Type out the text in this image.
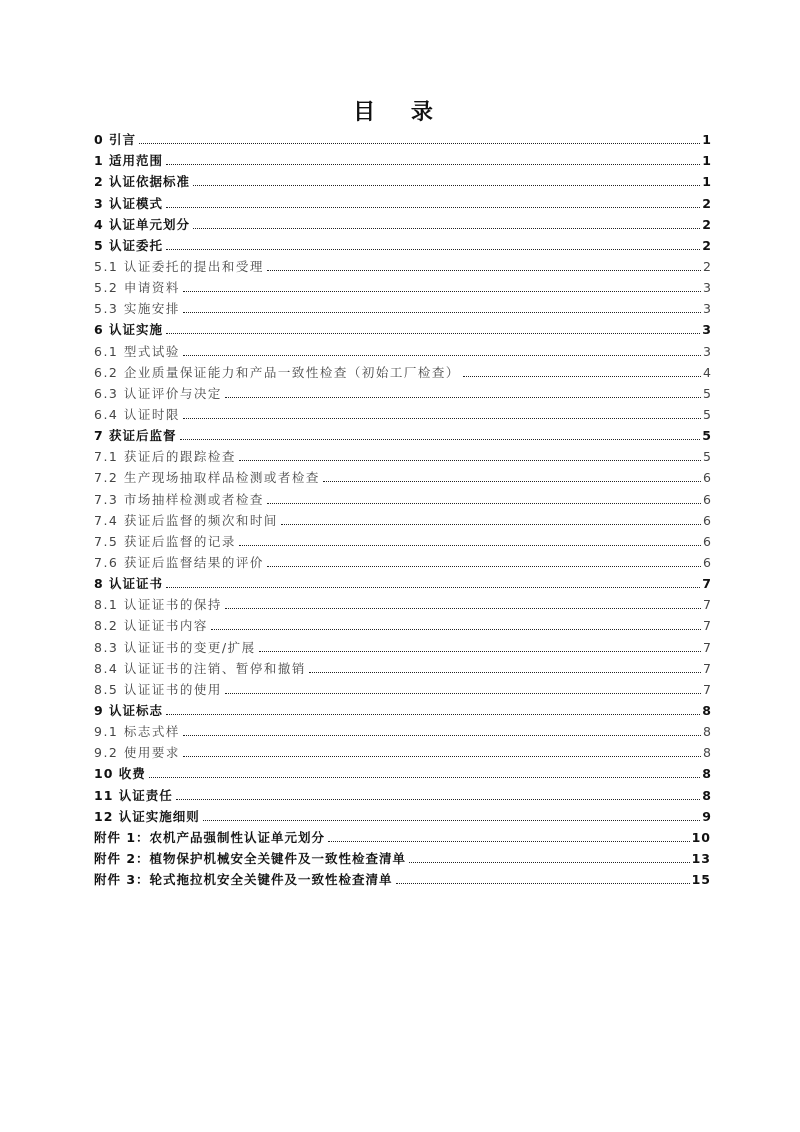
目 录
0 引言	1
1 适用范围	1
2 认证依据标准	1
3 认证模式	2
4 认证单元划分	2
5 认证委托	2
5.1 认证委托的提出和受理	2
5.2 申请资料	3
5.3 实施安排	3
6 认证实施	3
6.1 型式试验	3
6.2 企业质量保证能力和产品一致性检查（初始工厂检查）	4
6.3 认证评价与决定	5
6.4 认证时限	5
7 获证后监督	5
7.1 获证后的跟踪检查	5
7.2 生产现场抽取样品检测或者检查	6
7.3 市场抽样检测或者检查	6
7.4 获证后监督的频次和时间	6
7.5 获证后监督的记录	6
7.6 获证后监督结果的评价	6
8 认证证书	7
8.1 认证证书的保持	7
8.2 认证证书内容	7
8.3 认证证书的变更/扩展	7
8.4 认证证书的注销、暂停和撤销	7
8.5 认证证书的使用	7
9 认证标志	8
9.1 标志式样	8
9.2 使用要求	8
10 收费	8
11 认证责任	8
12 认证实施细则	9
附件 1：农机产品强制性认证单元划分	10
附件 2：植物保护机械安全关键件及一致性检查清单	13
附件 3：轮式拖拉机安全关键件及一致性检查清单	15
